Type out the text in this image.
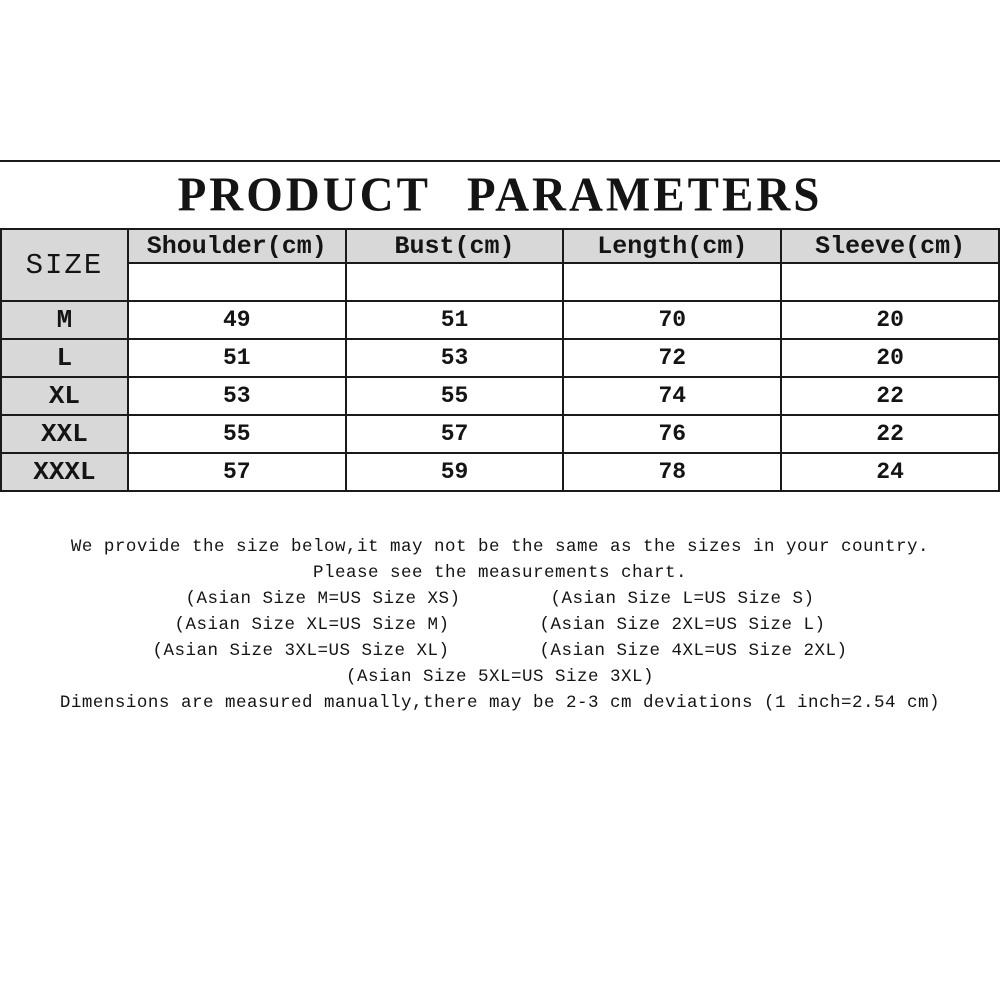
PRODUCT PARAMETERS
SIZE	Shoulder(cm)	Bust(cm)	Length(cm)	Sleeve(cm)

M	49	51	70	20
L	51	53	72	20
XL	53	55	74	22
XXL	55	57	76	22
XXXL	57	59	78	24
We provide the size below,it may not be the same as the sizes in your country.
Please see the measurements chart.
(Asian Size M=US Size XS)	(Asian Size L=US Size S)
(Asian Size XL=US Size M)	(Asian Size 2XL=US Size L)
(Asian Size 3XL=US Size XL)	(Asian Size 4XL=US Size 2XL)
(Asian Size 5XL=US Size 3XL)
Dimensions are measured manually,there may be 2-3 cm deviations (1 inch=2.54 cm)
